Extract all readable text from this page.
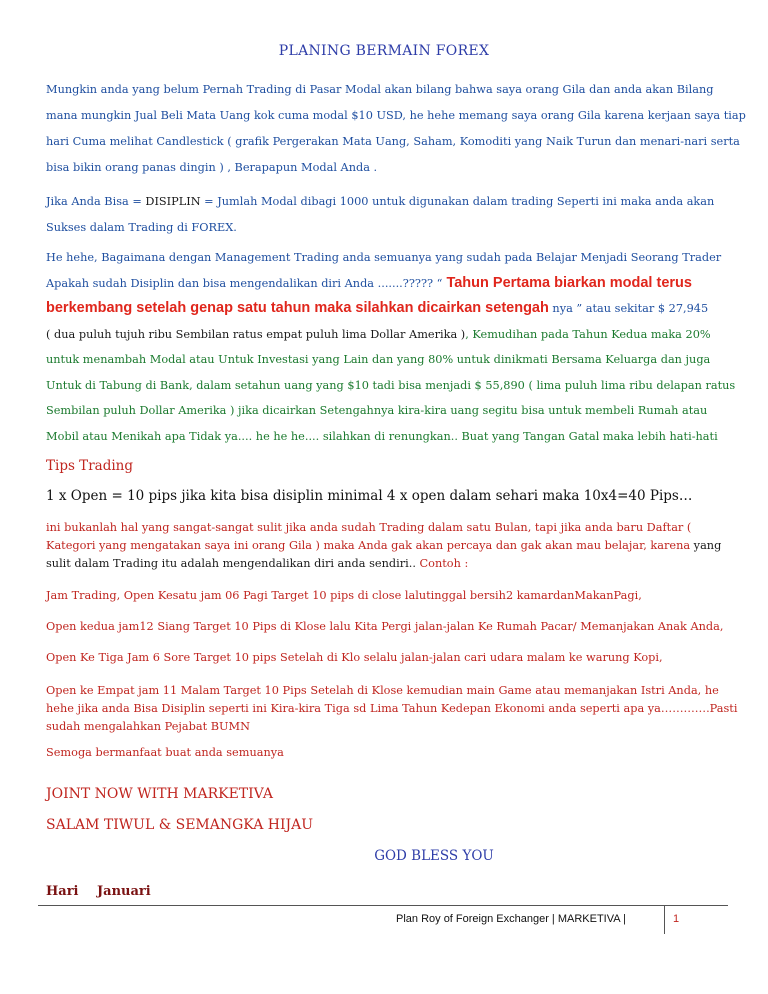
PLANING BERMAIN FOREX
Mungkin anda yang belum Pernah Trading di Pasar Modal akan bilang bahwa saya orang Gila dan anda akan Bilang
mana mungkin Jual Beli Mata Uang kok cuma modal $10 USD, he hehe memang saya orang Gila karena kerjaan saya tiap
hari Cuma melihat Candlestick ( grafik Pergerakan Mata Uang, Saham, Komoditi yang Naik Turun dan menari-nari serta
bisa bikin orang panas dingin ) , Berapapun Modal Anda .
Jika Anda Bisa = DISIPLIN = Jumlah Modal dibagi 1000 untuk digunakan dalam trading Seperti ini maka anda akan
Sukses dalam Trading di FOREX.
He hehe, Bagaimana dengan Management Trading anda semuanya yang sudah pada Belajar Menjadi Seorang Trader
Apakah sudah Disiplin dan bisa mengendalikan diri Anda .......????? “ Tahun Pertama biarkan modal terus
berkembang setelah genap satu tahun maka silahkan dicairkan setengah nya ” atau sekitar $ 27,945
( dua puluh tujuh ribu Sembilan ratus empat puluh lima Dollar Amerika ), Kemudihan pada Tahun Kedua maka 20%
untuk menambah Modal atau Untuk Investasi yang Lain dan yang 80% untuk dinikmati Bersama Keluarga dan juga
Untuk di Tabung di Bank, dalam setahun uang yang $10 tadi bisa menjadi $ 55,890 ( lima puluh lima ribu delapan ratus
Sembilan puluh Dollar Amerika ) jika dicairkan Setengahnya kira-kira uang segitu bisa untuk membeli Rumah atau
Mobil atau Menikah apa Tidak ya.... he he he.... silahkan di renungkan.. Buat yang Tangan Gatal maka lebih hati-hati
Tips Trading
1 x Open = 10 pips jika kita bisa disiplin minimal 4 x open dalam sehari maka 10x4=40 Pips…
ini bukanlah hal yang sangat-sangat sulit jika anda sudah Trading dalam satu Bulan, tapi jika anda baru Daftar (
Kategori yang mengatakan saya ini orang Gila ) maka Anda gak akan percaya dan gak akan mau belajar, karena yang
sulit dalam Trading itu adalah mengendalikan diri anda sendiri.. Contoh :
Jam Trading, Open Kesatu jam 06 Pagi Target 10 pips di close lalutinggal bersih2 kamardanMakanPagi,
Open kedua jam12 Siang Target 10 Pips di Klose lalu Kita Pergi jalan-jalan Ke Rumah Pacar/ Memanjakan Anak Anda,
Open Ke Tiga Jam 6 Sore Target 10 pips Setelah di Klo selalu jalan-jalan cari udara malam ke warung Kopi,
Open ke Empat jam 11 Malam Target 10 Pips Setelah di Klose kemudian main Game atau memanjakan Istri Anda, he
hehe jika anda Bisa Disiplin seperti ini Kira-kira Tiga sd Lima Tahun Kedepan Ekonomi anda seperti apa ya………….Pasti
sudah mengalahkan Pejabat BUMN
Semoga bermanfaat buat anda semuanya
JOINT NOW WITH MARKETIVA
SALAM TIWUL & SEMANGKA HIJAU
GOD BLESS YOU
Hari Januari
Plan Roy of Foreign Exchanger | MARKETIVA |	1
